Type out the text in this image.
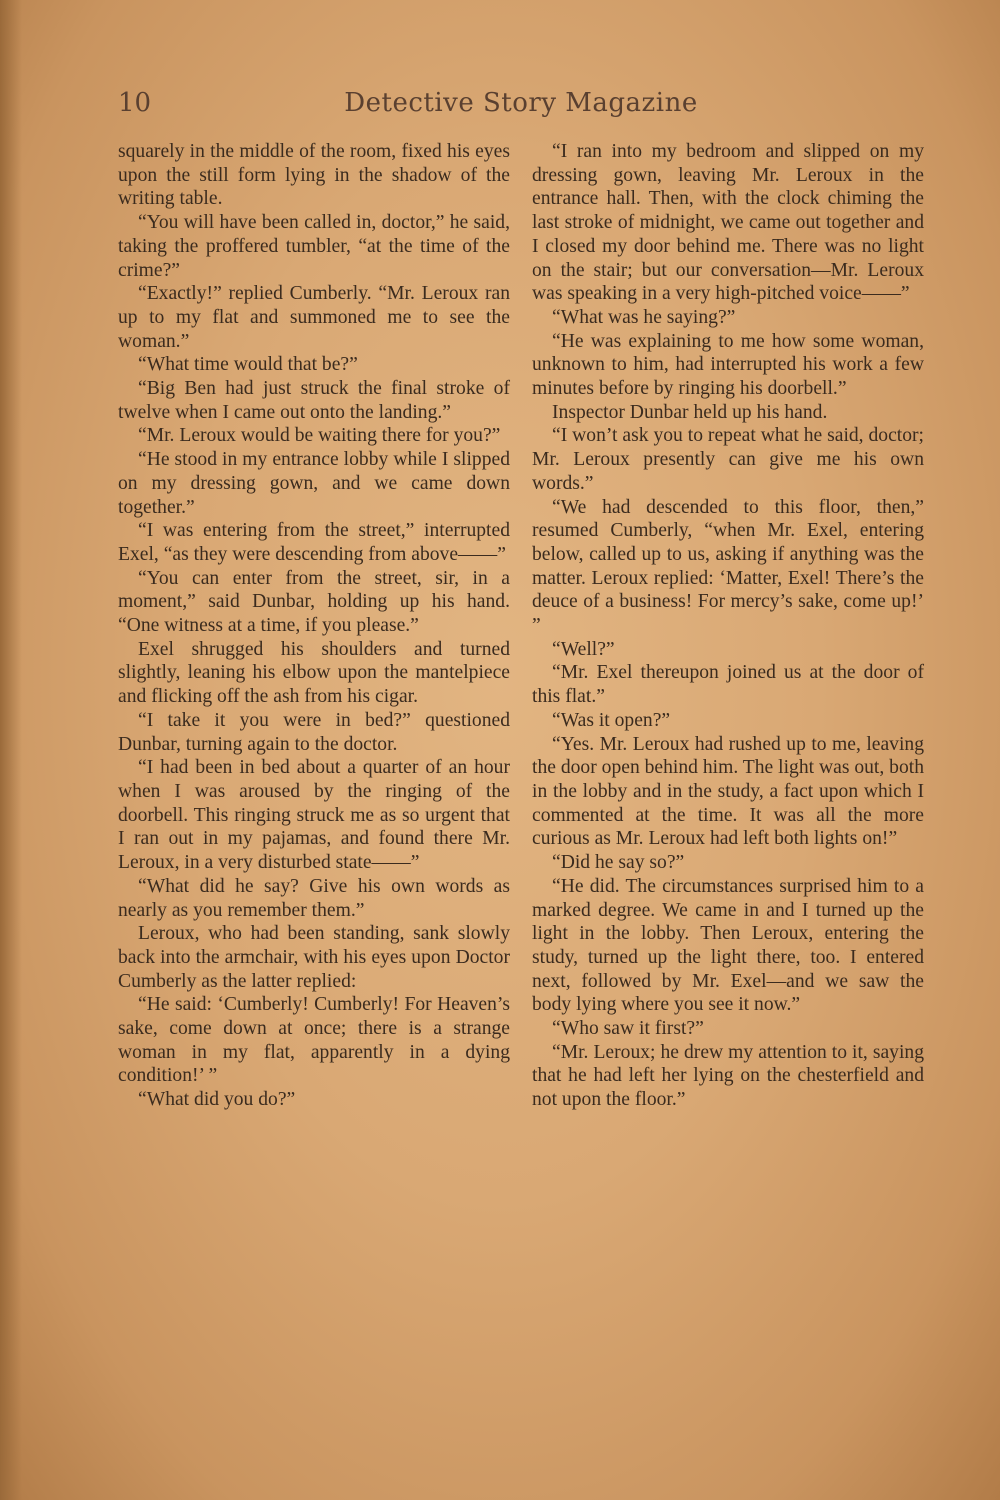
10	Detective Story Magazine

squarely in the middle of the room, fixed his eyes upon the still form lying in the shadow of the writing table.

“You will have been called in, doctor,” he said, taking the proffered tumbler, “at the time of the crime?”

“Exactly!” replied Cumberly. “Mr. Leroux ran up to my flat and summoned me to see the woman.”

“What time would that be?”

“Big Ben had just struck the final stroke of twelve when I came out onto the landing.”

“Mr. Leroux would be waiting there for you?”

“He stood in my entrance lobby while I slipped on my dressing gown, and we came down together.”

“I was entering from the street,” interrupted Exel, “as they were descending from above——”

“You can enter from the street, sir, in a moment,” said Dunbar, holding up his hand. “One witness at a time, if you please.”

Exel shrugged his shoulders and turned slightly, leaning his elbow upon the mantelpiece and flicking off the ash from his cigar.

“I take it you were in bed?” questioned Dunbar, turning again to the doctor.

“I had been in bed about a quarter of an hour when I was aroused by the ringing of the doorbell. This ringing struck me as so urgent that I ran out in my pajamas, and found there Mr. Leroux, in a very disturbed state——”

“What did he say? Give his own words as nearly as you remember them.”

Leroux, who had been standing, sank slowly back into the armchair, with his eyes upon Doctor Cumberly as the latter replied:

“He said: ‘Cumberly! Cumberly! For Heaven’s sake, come down at once; there is a strange woman in my flat, apparently in a dying condition!’ ”

“What did you do?”

“I ran into my bedroom and slipped on my dressing gown, leaving Mr. Leroux in the entrance hall. Then, with the clock chiming the last stroke of midnight, we came out together and I closed my door behind me. There was no light on the stair; but our conversation—Mr. Leroux was speaking in a very high-pitched voice——”

“What was he saying?”

“He was explaining to me how some woman, unknown to him, had interrupted his work a few minutes before by ringing his doorbell.”

Inspector Dunbar held up his hand.

“I won’t ask you to repeat what he said, doctor; Mr. Leroux presently can give me his own words.”

“We had descended to this floor, then,” resumed Cumberly, “when Mr. Exel, entering below, called up to us, asking if anything was the matter. Leroux replied: ‘Matter, Exel! There’s the deuce of a business! For mercy’s sake, come up!’ ”

“Well?”

“Mr. Exel thereupon joined us at the door of this flat.”

“Was it open?”

“Yes. Mr. Leroux had rushed up to me, leaving the door open behind him. The light was out, both in the lobby and in the study, a fact upon which I commented at the time. It was all the more curious as Mr. Leroux had left both lights on!”

“Did he say so?”

“He did. The circumstances surprised him to a marked degree. We came in and I turned up the light in the lobby. Then Leroux, entering the study, turned up the light there, too. I entered next, followed by Mr. Exel—and we saw the body lying where you see it now.”

“Who saw it first?”

“Mr. Leroux; he drew my attention to it, saying that he had left her lying on the chesterfield and not upon the floor.”
